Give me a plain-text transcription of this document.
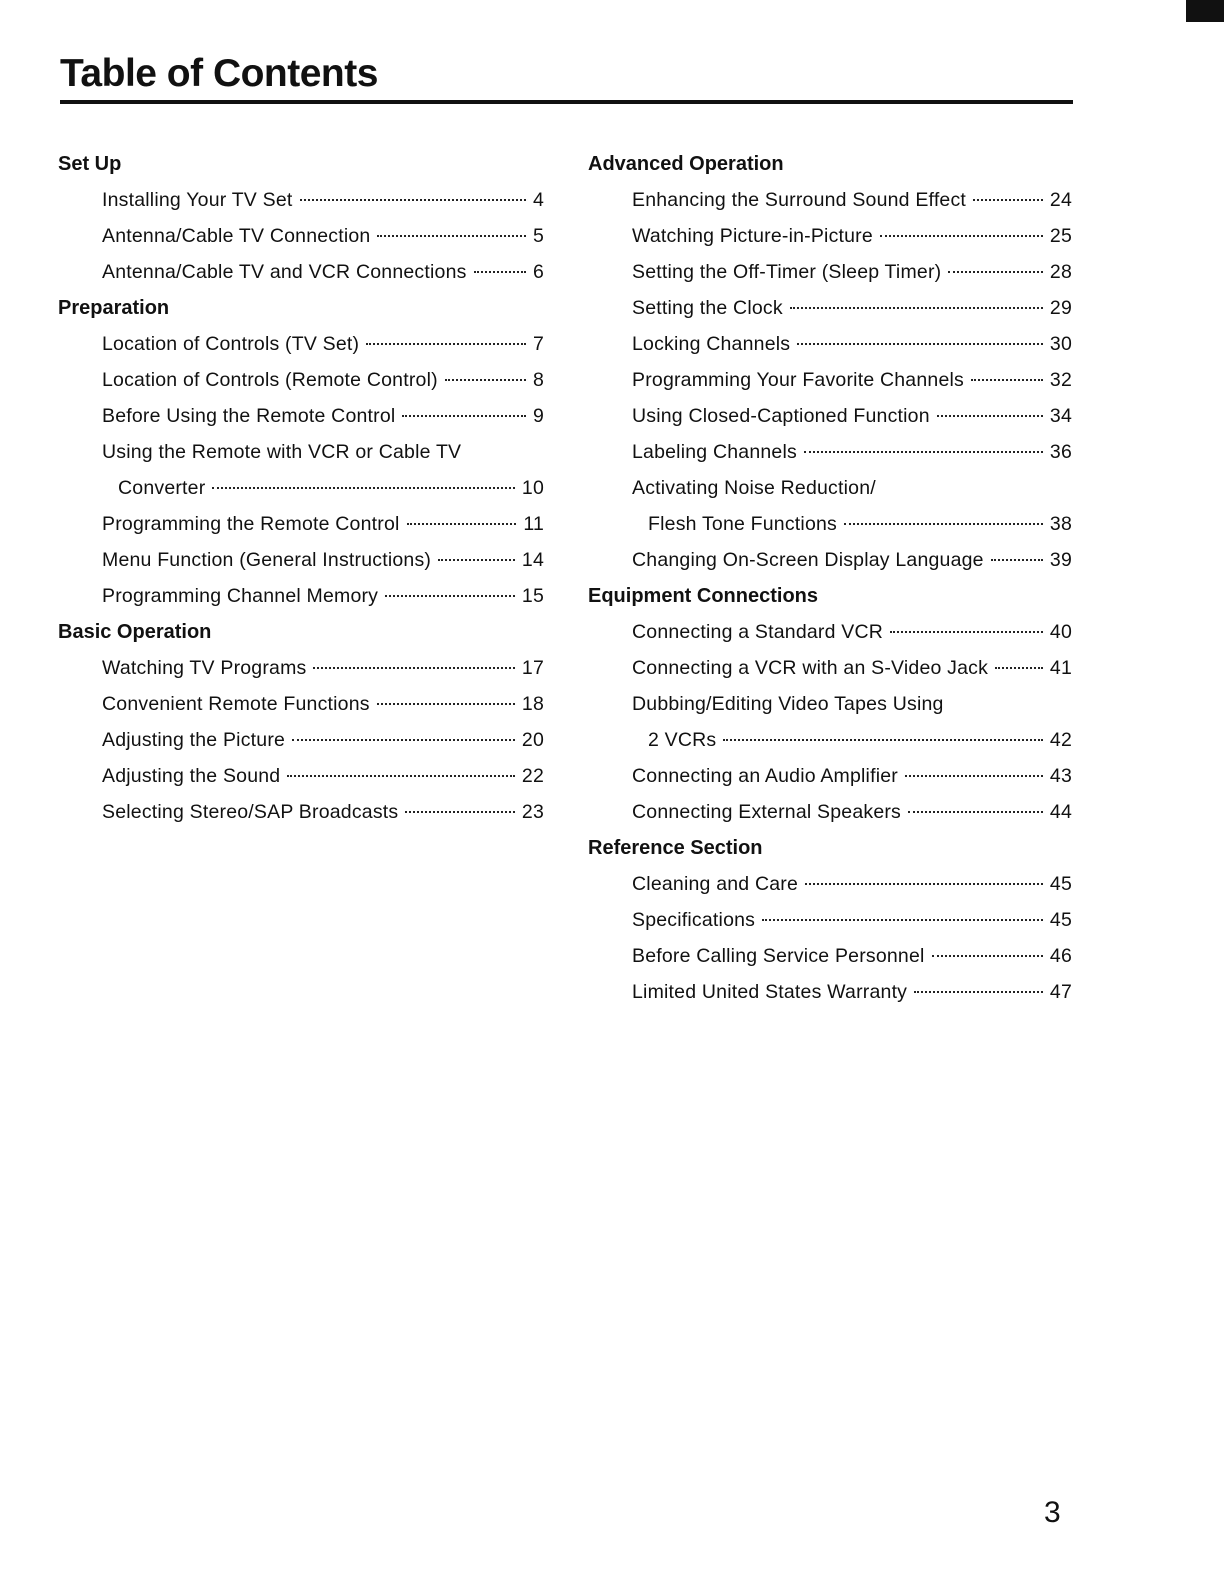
Table of Contents
Set Up
Installing Your TV Set	4
Antenna/Cable TV Connection	5
Antenna/Cable TV and VCR Connections	6
Preparation
Location of Controls (TV Set)	7
Location of Controls (Remote Control)	8
Before Using the Remote Control	9
Using the Remote with VCR or Cable TV
Converter	10
Programming the Remote Control	11
Menu Function (General Instructions)	14
Programming Channel Memory	15
Basic Operation
Watching TV Programs	17
Convenient Remote Functions	18
Adjusting the Picture	20
Adjusting the Sound	22
Selecting Stereo/SAP Broadcasts	23
Advanced Operation
Enhancing the Surround Sound Effect	24
Watching Picture-in-Picture	25
Setting the Off-Timer (Sleep Timer)	28
Setting the Clock	29
Locking Channels	30
Programming Your Favorite Channels	32
Using Closed-Captioned Function	34
Labeling Channels	36
Activating Noise Reduction/
Flesh Tone Functions	38
Changing On-Screen Display Language	39
Equipment Connections
Connecting a Standard VCR	40
Connecting a VCR with an S-Video Jack	41
Dubbing/Editing Video Tapes Using
2 VCRs	42
Connecting an Audio Amplifier	43
Connecting External Speakers	44
Reference Section
Cleaning and Care	45
Specifications	45
Before Calling Service Personnel	46
Limited United States Warranty	47
3
